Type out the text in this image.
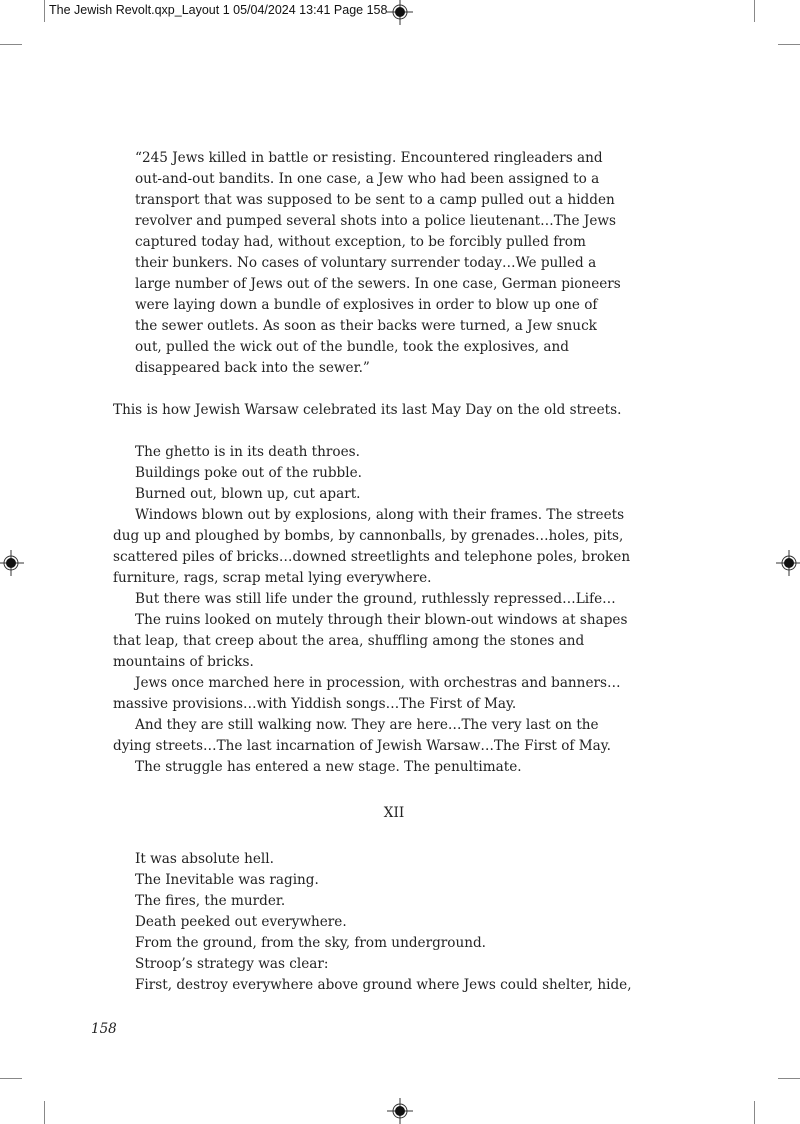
The Jewish Revolt.qxp_Layout 1 05/04/2024 13:41 Page 158

“245 Jews killed in battle or resisting. Encountered ringleaders and

out-and-out bandits. In one case, a Jew who had been assigned to a

transport that was supposed to be sent to a camp pulled out a hidden

revolver and pumped several shots into a police lieutenant…The Jews

captured today had, without exception, to be forcibly pulled from

their bunkers. No cases of voluntary surrender today…We pulled a

large number of Jews out of the sewers. In one case, German pioneers

were laying down a bundle of explosives in order to blow up one of

the sewer outlets. As soon as their backs were turned, a Jew snuck

out, pulled the wick out of the bundle, took the explosives, and

disappeared back into the sewer.”

This is how Jewish Warsaw celebrated its last May Day on the old streets.

The ghetto is in its death throes.

Buildings poke out of the rubble.

Burned out, blown up, cut apart.

Windows blown out by explosions, along with their frames. The streets dug up and ploughed by bombs, by cannonballs, by grenades…holes, pits, scattered piles of bricks…downed streetlights and telephone poles, broken furniture, rags, scrap metal lying everywhere.

But there was still life under the ground, ruthlessly repressed…Life…

The ruins looked on mutely through their blown-out windows at shapes that leap, that creep about the area, shuffling among the stones and mountains of bricks.

Jews once marched here in procession, with orchestras and banners… massive provisions…with Yiddish songs…The First of May.

And they are still walking now. They are here…The very last on the dying streets…The last incarnation of Jewish Warsaw…The First of May.

The struggle has entered a new stage. The penultimate.

XII

It was absolute hell.

The Inevitable was raging.

The fires, the murder.

Death peeked out everywhere.

From the ground, from the sky, from underground.

Stroop’s strategy was clear:

First, destroy everywhere above ground where Jews could shelter, hide,

158
